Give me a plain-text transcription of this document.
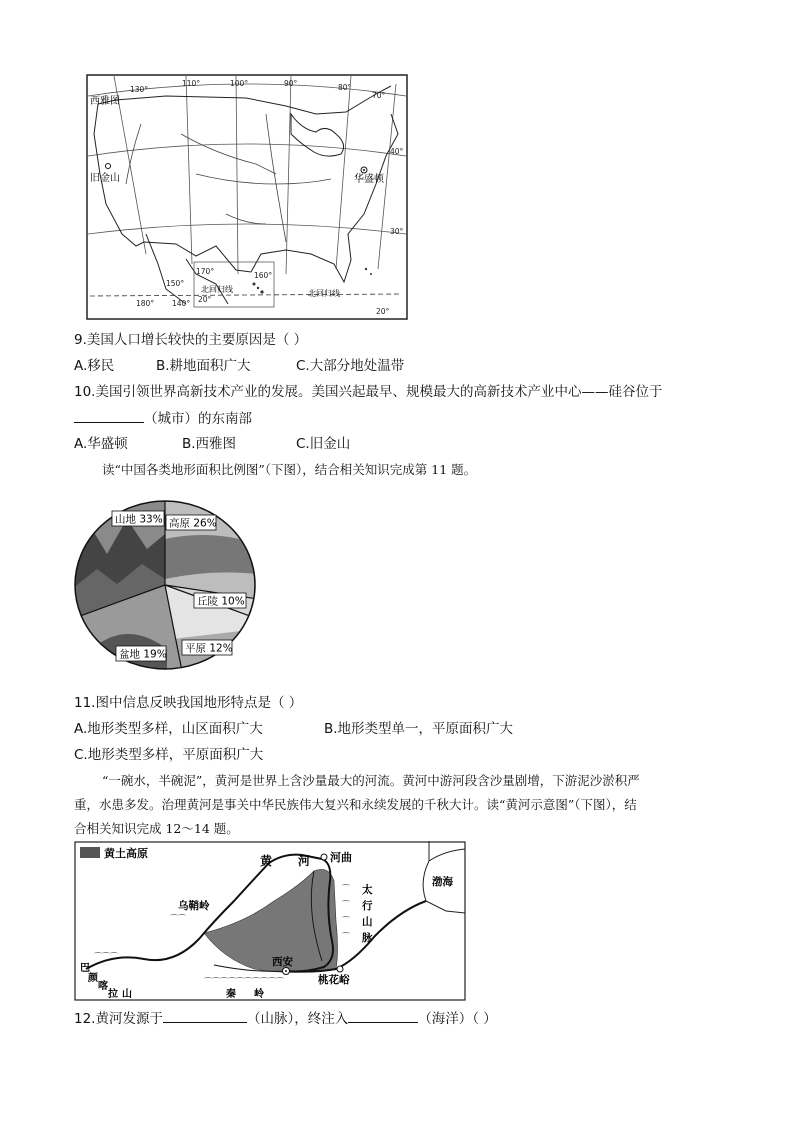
西雅图
旧金山	华盛顿
北回归线	北回归线
130°
110°	100°	90°	80°
70°
40°
30°
20°
170°	160°
150°
140°
180°	20°
9.美国人口增长较快的主要原因是（ ）
A.移民	B.耕地面积广大	C.大部分地处温带
10.美国引领世界高新技术产业的发展。美国兴起最早、规模最大的高新技术产业中心——硅谷位于
（城市）的东南部
A.华盛顿	B.西雅图	C.旧金山
读“中国各类地形面积比例图”（下图），结合相关知识完成第 11 题。
山地 33% 高原 26%
丘陵 10%
平原 12%
盆地 19%
11.图中信息反映我国地形特点是（ ）
A.地形类型多样，山区面积广大	B.地形类型单一，平原面积广大
C.地形类型多样，平原面积广大
“一碗水，半碗泥”，黄河是世界上含沙量最大的河流。黄河中游河段含沙量剧增，下游泥沙淤积严
重，水患多发。治理黄河是事关中华民族伟大复兴和永续发展的千秋大计。读“黄河示意图”（下图），结
合相关知识完成 12～14 题。
黄土高原
⌒⌒⌒
⌒⌒⌒⌒⌒⌒⌒⌒⌒⌒
⌒⌒
⌒
⌒
⌒
⌒
黄 河 河曲
乌鞘岭
太
行
山
脉
渤海
西安
桃花峪
巴
颜
喀
拉 山	秦 岭
12.黄河发源于	（山脉），终注入	（海洋）（ ）
